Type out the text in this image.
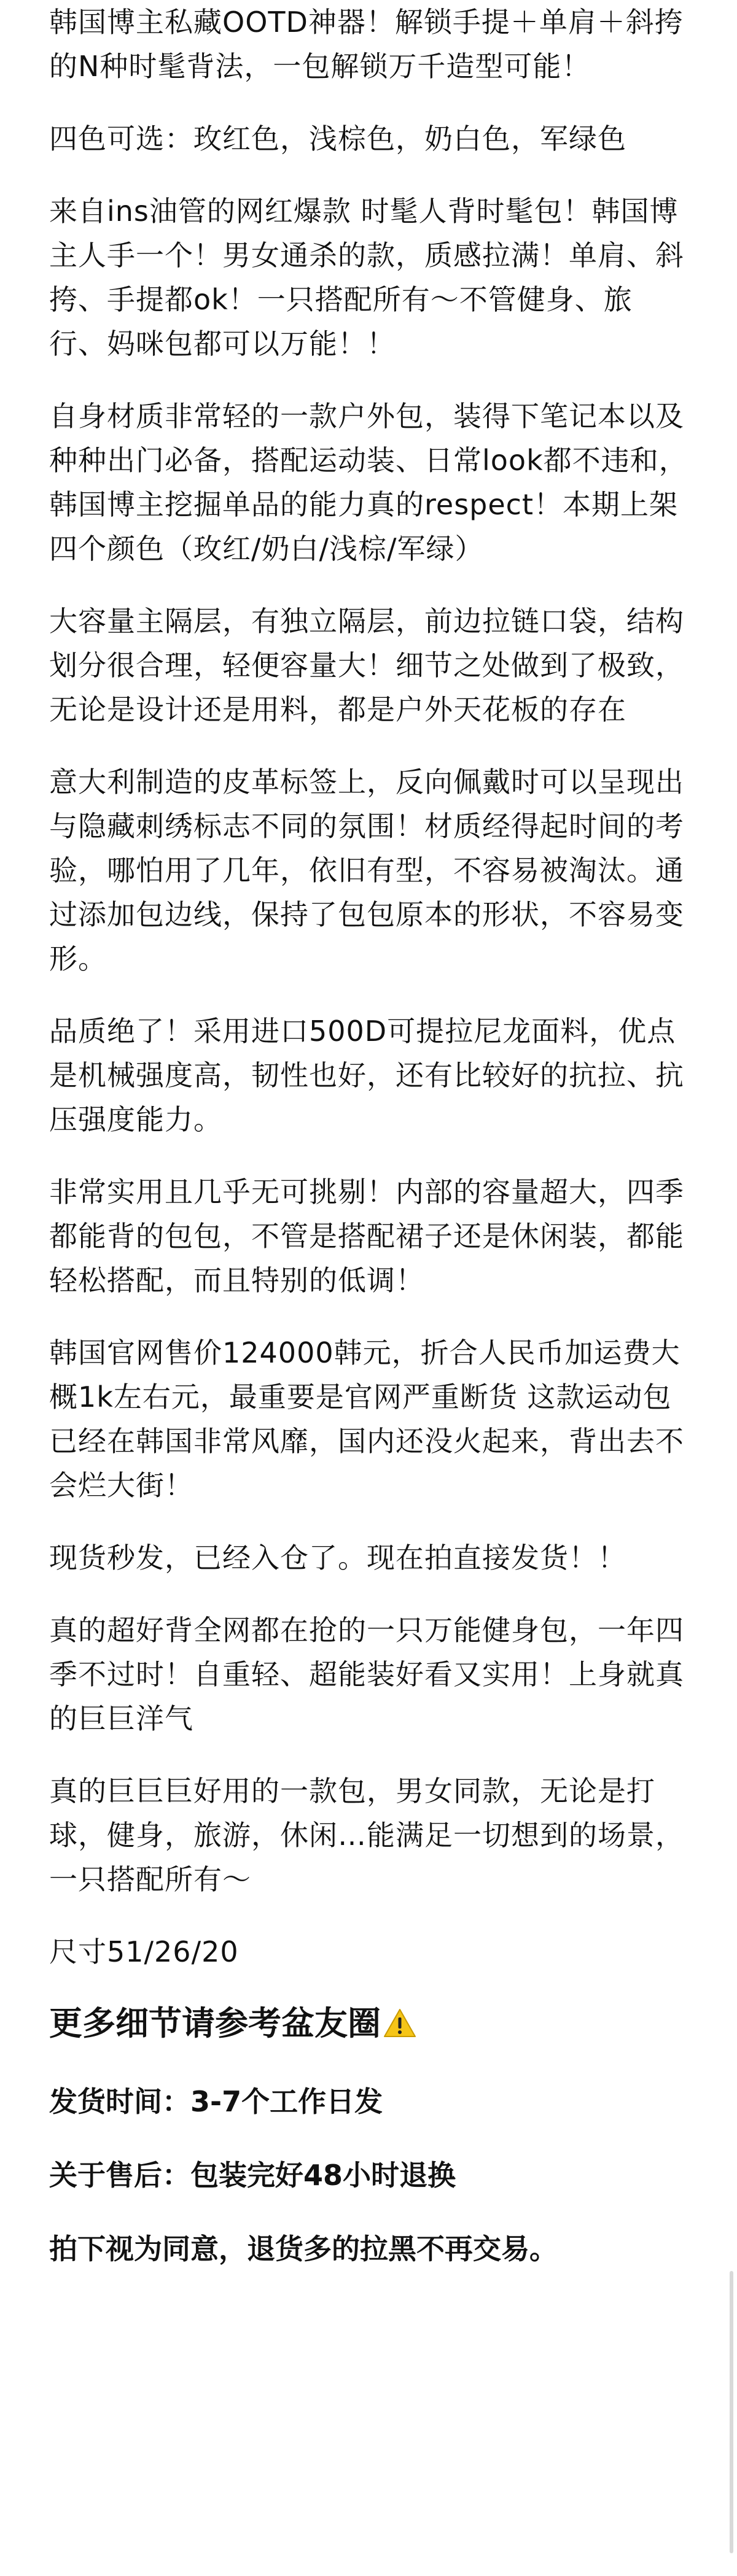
韩国博主私藏OOTD神器！解锁手提＋单肩＋斜挎的N种时髦背法，一包解锁万千造型可能！

四色可选：玫红色，浅棕色，奶白色，军绿色

来自ins油管的网红爆款 时髦人背时髦包！韩国博主人手一个！男女通杀的款，质感拉满！单肩、斜挎、手提都ok！一只搭配所有～不管健身、旅行、妈咪包都可以万能！！

自身材质非常轻的一款户外包，装得下笔记本以及种种出门必备，搭配运动装、日常look都不违和，韩国博主挖掘单品的能力真的respect！本期上架四个颜色（玫红/奶白/浅棕/军绿）

大容量主隔层，有独立隔层，前边拉链口袋，结构划分很合理，轻便容量大！细节之处做到了极致，无论是设计还是用料，都是户外天花板的存在

意大利制造的皮革标签上，反向佩戴时可以呈现出与隐藏刺绣标志不同的氛围！材质经得起时间的考验，哪怕用了几年，依旧有型，不容易被淘汰。通过添加包边线，保持了包包原本的形状，不容易变形。

品质绝了！采用进口500D可提拉尼龙面料，优点是机械强度高，韧性也好，还有比较好的抗拉、抗压强度能力。

非常实用且几乎无可挑剔！内部的容量超大，四季都能背的包包，不管是搭配裙子还是休闲装，都能轻松搭配，而且特别的低调！

韩国官网售价124000韩元，折合人民币加运费大概1k左右元，最重要是官网严重断货 这款运动包已经在韩国非常风靡，国内还没火起来，背出去不会烂大街！

现货秒发，已经入仓了。现在拍直接发货！！

真的超好背全网都在抢的一只万能健身包，一年四季不过时！自重轻、超能装好看又实用！上身就真的巨巨洋气

真的巨巨巨好用的一款包，男女同款，无论是打球，健身，旅游，休闲…能满足一切想到的场景，一只搭配所有～

尺寸51/26/20

更多细节请参考盆友圈

发货时间：3-7个工作日发

关于售后：包装完好48小时退换

拍下视为同意，退货多的拉黑不再交易。
